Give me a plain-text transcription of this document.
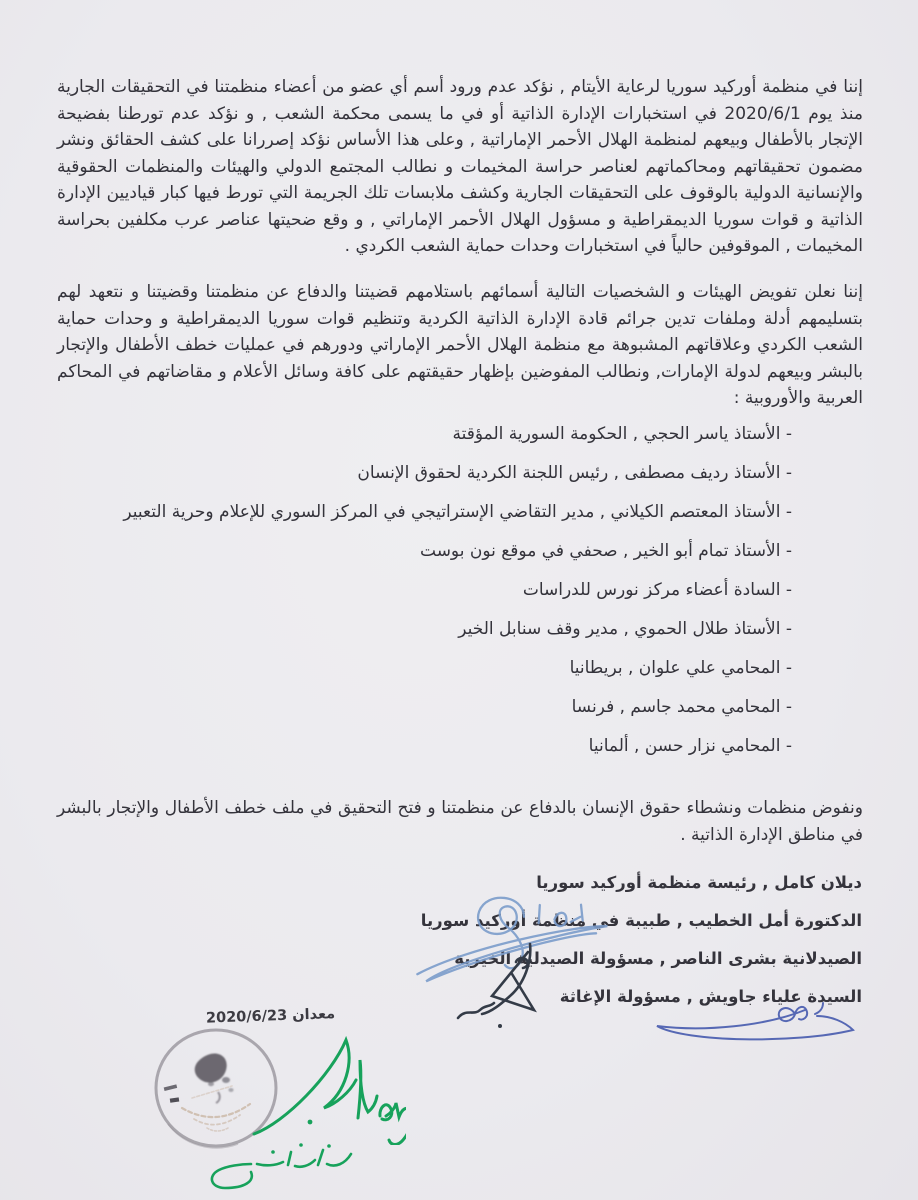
إننا في منظمة أوركيد سوريا لرعاية الأيتام , نؤكد عدم ورود أسم أي عضو من أعضاء منظمتنا في التحقيقات الجارية منذ يوم 2020/6/1 في استخبارات الإدارة الذاتية أو في ما يسمى محكمة الشعب , و نؤكد عدم تورطنا بفضيحة الإتجار بالأطفال وبيعهم لمنظمة الهلال الأحمر الإماراتية , وعلى هذا الأساس نؤكد إصررانا على كشف الحقائق ونشر مضمون تحقيقاتهم ومحاكماتهم لعناصر حراسة المخيمات و نطالب المجتمع الدولي والهيئات والمنظمات الحقوقية والإنسانية الدولية بالوقوف على التحقيقات الجارية وكشف ملابسات تلك الجريمة التي تورط فيها كبار قياديين الإدارة الذاتية و قوات سوريا الديمقراطية و مسؤول الهلال الأحمر الإماراتي , و وقع ضحيتها عناصر عرب مكلفين بحراسة المخيمات , الموقوفين حالياً في استخبارات وحدات حماية الشعب الكردي .

إننا نعلن تفويض الهيئات و الشخصيات التالية أسمائهم باستلامهم قضيتنا والدفاع عن منظمتنا وقضيتنا و نتعهد لهم بتسليمهم أدلة وملفات تدين جرائم قادة الإدارة الذاتية الكردية وتنظيم قوات سوريا الديمقراطية و وحدات حماية الشعب الكردي وعلاقاتهم المشبوهة مع منظمة الهلال الأحمر الإماراتي ودورهم في عمليات خطف الأطفال والإتجار بالبشر وبيعهم لدولة الإمارات, ونطالب المفوضين بإظهار حقيقتهم على كافة وسائل الأعلام و مقاضاتهم في المحاكم العربية والأوروبية :

- الأستاذ ياسر الحجي , الحكومة السورية المؤقتة
- الأستاذ رديف مصطفى , رئيس اللجنة الكردية لحقوق الإنسان
- الأستاذ المعتصم الكيلاني , مدير التقاضي الإستراتيجي في المركز السوري للإعلام وحرية التعبير
- الأستاذ تمام أبو الخير , صحفي في موقع نون بوست
- السادة أعضاء مركز نورس للدراسات
- الأستاذ طلال الحموي , مدير وقف سنابل الخير
- المحامي علي علوان , بريطانيا
- المحامي محمد جاسم , فرنسا
- المحامي نزار حسن , ألمانيا

ونفوض منظمات ونشطاء حقوق الإنسان بالدفاع عن منظمتنا و فتح التحقيق في ملف خطف الأطفال والإتجار بالبشر في مناطق الإدارة الذاتية .

ديلان كامل , رئيسة منظمة أوركيد سوريا
الدكتورة أمل الخطيب , طبيبة في منظمة أوركيد سوريا
الصيدلانية بشرى الناصر , مسؤولة الصيدلية الخيرية
السيدة علياء جاويش , مسؤولة الإغاثة
معدان 2020/6/23
